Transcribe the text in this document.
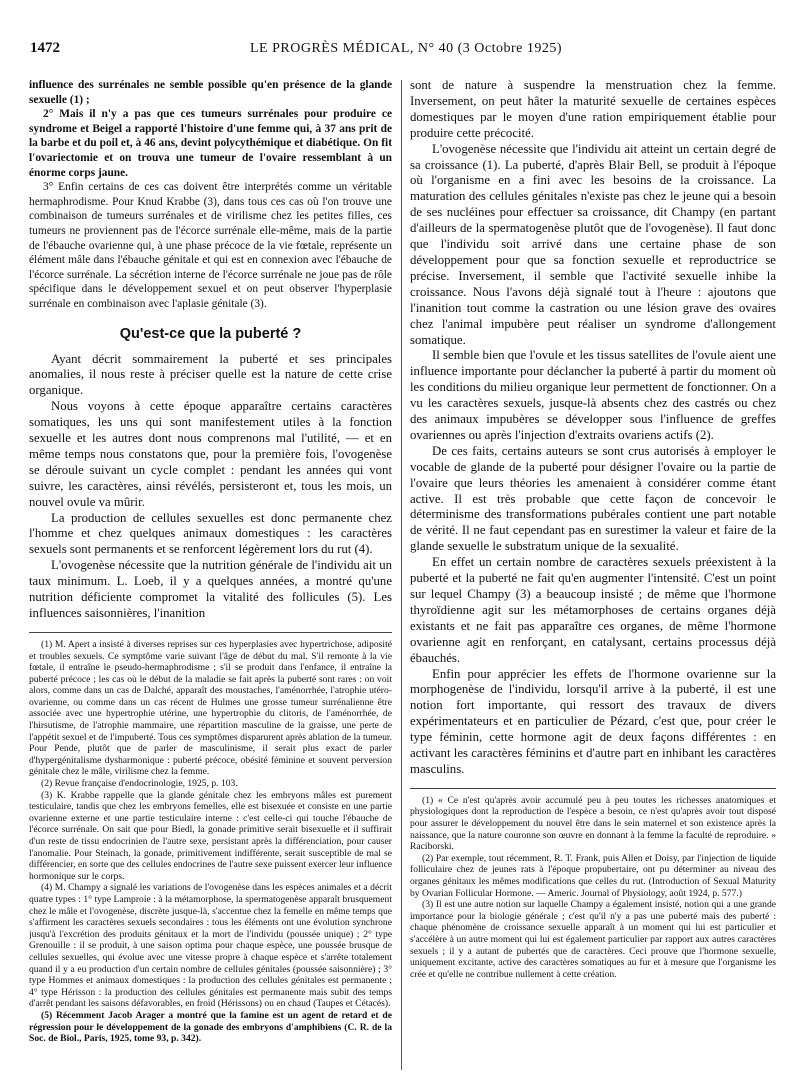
1472	LE PROGRÈS MÉDICAL, N° 40 (3 Octobre 1925)

influence des surrénales ne semble possible qu'en présence de la glande sexuelle (1) ;

2° Mais il n'y a pas que ces tumeurs surrénales pour produire ce syndrome et Beigel a rapporté l'histoire d'une femme qui, à 37 ans prit de la barbe et du poil et, à 46 ans, devint polycythémique et diabétique. On fit l'ovariectomie et on trouva une tumeur de l'ovaire ressemblant à un énorme corps jaune.

3° Enfin certains de ces cas doivent être interprétés comme un véritable hermaphrodisme. Pour Knud Krabbe (3), dans tous ces cas où l'on trouve une combinaison de tumeurs surrénales et de virilisme chez les petites filles, ces tumeurs ne proviennent pas de l'écorce surrénale elle-même, mais de la partie de l'ébauche ovarienne qui, à une phase précoce de la vie fœtale, représente un élément mâle dans l'ébauche génitale et qui est en connexion avec l'ébauche de l'écorce surrénale. La sécrétion interne de l'écorce surrénale ne joue pas de rôle spécifique dans le développement sexuel et on peut observer l'hyperplasie surrénale en combinaison avec l'aplasie génitale (3).

Qu'est-ce que la puberté ?

Ayant décrit sommairement la puberté et ses principales anomalies, il nous reste à préciser quelle est la nature de cette crise organique.

Nous voyons à cette époque apparaître certains caractères somatiques, les uns qui sont manifestement utiles à la fonction sexuelle et les autres dont nous comprenons mal l'utilité, — et en même temps nous constatons que, pour la première fois, l'ovogenèse se déroule suivant un cycle complet : pendant les années qui vont suivre, les caractères, ainsi révélés, persisteront et, tous les mois, un nouvel ovule va mûrir.

La production de cellules sexuelles est donc permanente chez l'homme et chez quelques animaux domestiques : les caractères sexuels sont permanents et se renforcent légèrement lors du rut (4).

L'ovogenèse nécessite que la nutrition générale de l'individu ait un taux minimum. L. Loeb, il y a quelques années, a montré qu'une nutrition déficiente compromet la vitalité des follicules (5). Les influences saisonnières, l'inanition

(1) M. Apert a insisté à diverses reprises sur ces hyperplasies avec hypertrichose, adiposité et troubles sexuels. Ce symptôme varie suivant l'âge de début du mal. S'il remonte à la vie fœtale, il entraîne le pseudo-hermaphrodisme ; s'il se produit dans l'enfance, il entraîne la puberté précoce ; les cas où le début de la maladie se fait après la puberté sont rares : on voit alors, comme dans un cas de Dalché, apparaît des moustaches, l'aménorrhée, l'atrophie utéro-ovarienne, ou comme dans un cas récent de Hulmes une grosse tumeur surrénalienne être associée avec une hypertrophie utérine, une hypertrophie du clitoris, de l'aménorrhée, de l'hirsutisme, de l'atrophie mammaire, une répartition masculine de la graisse, une perte de l'appétit sexuel et de l'impuberté. Tous ces symptômes disparurent après ablation de la tumeur. Pour Pende, plutôt que de parler de masculinisme, il serait plus exact de parler d'hypergénitalisme dysharmonique : puberté précoce, obésité féminine et souvent perversion génitale chez le mâle, virilisme chez la femme.

(2) Revue française d'endocrinologie, 1925, p. 103.

(3) K. Krabbe rappelle que la glande génitale chez les embryons mâles est purement testiculaire, tandis que chez les embryons femelles, elle est bisexuée et consiste en une partie ovarienne externe et une partie testiculaire interne : c'est celle-ci qui touche l'ébauche de l'écorce surrénale. On sait que pour Biedl, la gonade primitive serait bisexuelle et il suffirait d'un reste de tissu endocrinien de l'autre sexe, persistant après la différenciation, pour causer l'anomalie. Pour Steinach, la gonade, primitivement indifférente, serait susceptible de mal se différencier, en sorte que des cellules endocrines de l'autre sexe puissent exercer leur influence hormonique sur le corps.

(4) M. Champy a signalé les variations de l'ovogenèse dans les espèces animales et a décrit quatre types : 1° type Lamproie : à la métamorphose, la spermatogenèse apparaît brusquement chez le mâle et l'ovogenèse, discrète jusque-là, s'accentue chez la femelle en même temps que s'affirment les caractères sexuels secondaires : tous les éléments ont une évolution synchrone jusqu'à l'excrétion des produits génitaux et la mort de l'individu (poussée unique) ; 2° type Grenouille : il se produit, à une saison optima pour chaque espèce, une poussée brusque de cellules sexuelles, qui évolue avec une vitesse propre à chaque espèce et s'arrête totalement quand il y a eu production d'un certain nombre de cellules génitales (poussée saisonnière) ; 3° type Hommes et animaux domestiques : la production des cellules génitales est permanente ; 4° type Hérisson : la production des cellules génitales est permanente mais subit des temps d'arrêt pendant les saisons défavorables, en froid (Hérissons) ou en chaud (Taupes et Cétacés).

(5) Récemment Jacob Arager a montré que la famine est un agent de retard et de régression pour le développement de la gonade des embryons d'amphibiens (C. R. de la Soc. de Biol., Paris, 1925, tome 93, p. 342).

sont de nature à suspendre la menstruation chez la femme. Inversement, on peut hâter la maturité sexuelle de certaines espèces domestiques par le moyen d'une ration empiriquement établie pour produire cette précocité.

L'ovogenèse nécessite que l'individu ait atteint un certain degré de sa croissance (1). La puberté, d'après Blair Bell, se produit à l'époque où l'organisme en a fini avec les besoins de la croissance. La maturation des cellules génitales n'existe pas chez le jeune qui a besoin de ses nucléines pour effectuer sa croissance, dit Champy (en partant d'ailleurs de la spermatogenèse plutôt que de l'ovogenèse). Il faut donc que l'individu soit arrivé dans une certaine phase de son développement pour que sa fonction sexuelle et reproductrice se précise. Inversement, il semble que l'activité sexuelle inhibe la croissance. Nous l'avons déjà signalé tout à l'heure : ajoutons que l'inanition tout comme la castration ou une lésion grave des ovaires chez l'animal impubère peut réaliser un syndrome d'allongement somatique.

Il semble bien que l'ovule et les tissus satellites de l'ovule aient une influence importante pour déclancher la puberté à partir du moment où les conditions du milieu organique leur permettent de fonctionner. On a vu les caractères sexuels, jusque-là absents chez des castrés ou chez des animaux impubères se développer sous l'influence de greffes ovariennes ou après l'injection d'extraits ovariens actifs (2).

De ces faits, certains auteurs se sont crus autorisés à employer le vocable de glande de la puberté pour désigner l'ovaire ou la partie de l'ovaire que leurs théories les amenaient à considérer comme étant active. Il est très probable que cette façon de concevoir le déterminisme des transformations pubérales contient une part notable de vérité. Il ne faut cependant pas en surestimer la valeur et faire de la glande sexuelle le substratum unique de la sexualité.

En effet un certain nombre de caractères sexuels préexistent à la puberté et la puberté ne fait qu'en augmenter l'intensité. C'est un point sur lequel Champy (3) a beaucoup insisté ; de même que l'hormone thyroïdienne agit sur les métamorphoses de certains organes déjà existants et ne fait pas apparaître ces organes, de même l'hormone ovarienne agit en renforçant, en catalysant, certains processus déjà ébauchés.

Enfin pour apprécier les effets de l'hormone ovarienne sur la morphogenèse de l'individu, lorsqu'il arrive à la puberté, il est une notion fort importante, qui ressort des travaux de divers expérimentateurs et en particulier de Pézard, c'est que, pour créer le type féminin, cette hormone agit de deux façons différentes : en activant les caractères féminins et d'autre part en inhibant les caractères masculins.

(1) « Ce n'est qu'après avoir accumulé peu à peu toutes les richesses anatomiques et physiologiques dont la reproduction de l'espèce a besoin, ce n'est qu'après avoir tout disposé pour assurer le développement du nouvel être dans le sein maternel et son existence après la naissance, que la nature couronne son œuvre en donnant à la femme la faculté de reproduire. » Raciborski.

(2) Par exemple, tout récemment, R. T. Frank, puis Allen et Doisy, par l'injection de liquide folliculaire chez de jeunes rats à l'époque propubertaire, ont pu déterminer au niveau des organes génitaux les mêmes modifications que celles du rut. (Introduction of Sexual Maturity by Ovarian Follicular Hormone. — Americ. Journal of Physiology, août 1924, p. 577.)

(3) Il est une autre notion sur laquelle Champy a également insisté, notion qui a une grande importance pour la biologie générale ; c'est qu'il n'y a pas une puberté mais des puberté : chaque phénomène de croissance sexuelle apparaît à un moment qui lui est particulier et s'accélère à un autre moment qui lui est également particulier par rapport aux autres caractères sexuels ; il y a autant de pubertés que de caractères. Ceci prouve que l'hormone sexuelle, uniquement excitante, active des caractères somatiques au fur et à mesure que l'organisme les crée et qu'elle ne contribue nullement à cette création.
